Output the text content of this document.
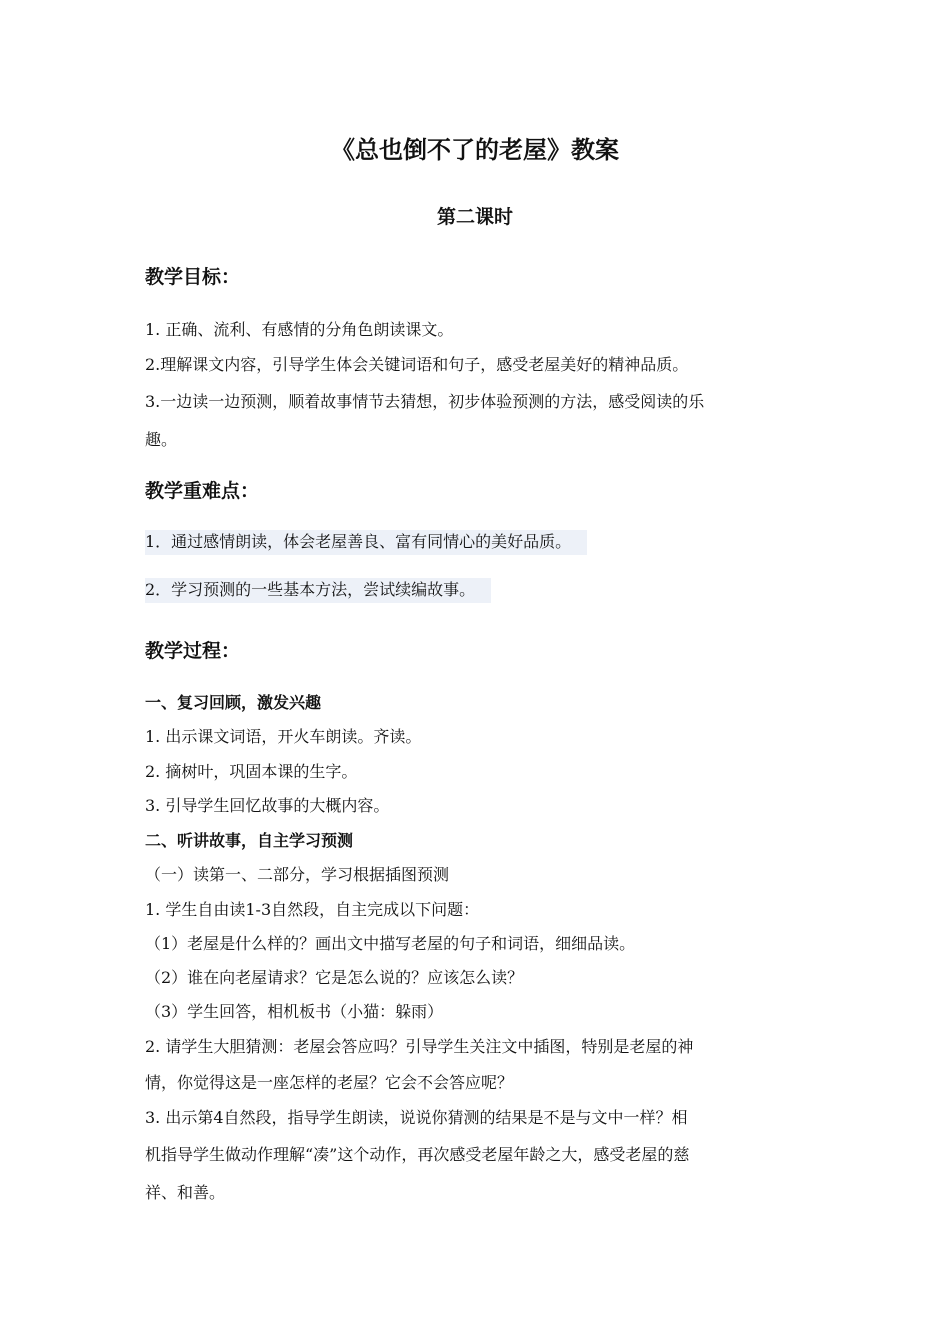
《总也倒不了的老屋》教案
第二课时
教学目标：
1. 正确、流利、有感情的分角色朗读课文。
2.理解课文内容，引导学生体会关键词语和句子，感受老屋美好的精神品质。
3.一边读一边预测，顺着故事情节去猜想，初步体验预测的方法，感受阅读的乐
趣。
教学重难点：
1．通过感情朗读，体会老屋善良、富有同情心的美好品质。
2．学习预测的一些基本方法，尝试续编故事。
教学过程：
一、复习回顾，激发兴趣
1. 出示课文词语，开火车朗读。齐读。
2. 摘树叶，巩固本课的生字。
3. 引导学生回忆故事的大概内容。
二、听讲故事，自主学习预测
（一）读第一、二部分，学习根据插图预测
1. 学生自由读1-3自然段，自主完成以下问题：
（1）老屋是什么样的？画出文中描写老屋的句子和词语，细细品读。
（2）谁在向老屋请求？它是怎么说的？应该怎么读？
（3）学生回答，相机板书（小猫：躲雨）
2. 请学生大胆猜测：老屋会答应吗？引导学生关注文中插图，特别是老屋的神
情，你觉得这是一座怎样的老屋？它会不会答应呢？
3. 出示第4自然段，指导学生朗读，说说你猜测的结果是不是与文中一样？相
机指导学生做动作理解“凑”这个动作，再次感受老屋年龄之大，感受老屋的慈
祥、和善。
